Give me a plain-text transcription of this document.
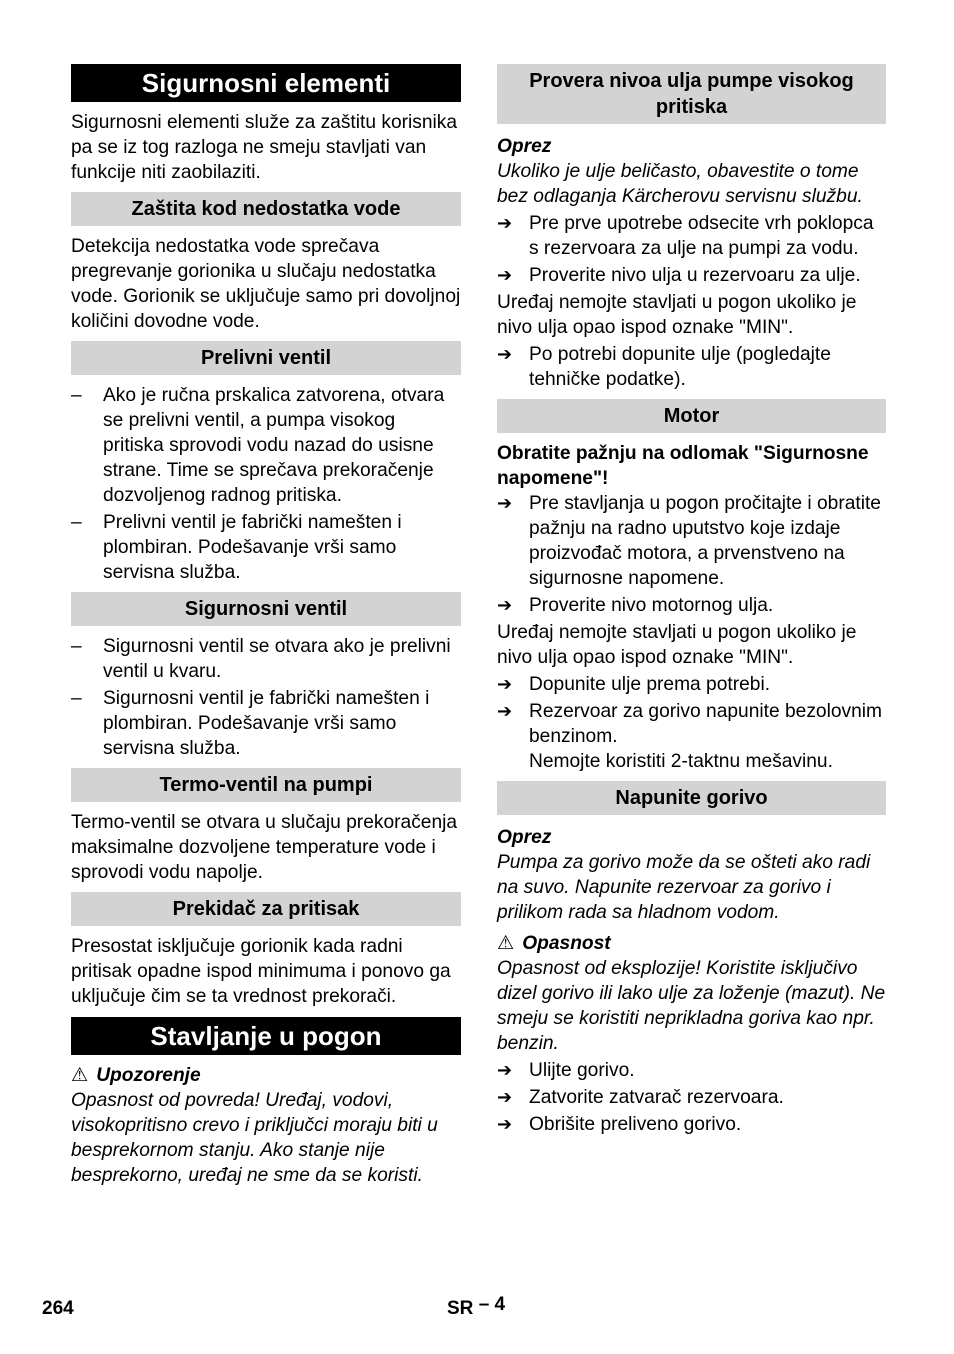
Sigurnosni elementi

Sigurnosni elementi služe za zaštitu korisnika pa se iz tog razloga ne smeju stavljati van funkcije niti zaobilaziti.

Zaštita kod nedostatka vode

Detekcija nedostatka vode sprečava pregrevanje gorionika u slučaju nedostatka vode. Gorionik se uključuje samo pri dovoljnoj količini dovodne vode.

Prelivni ventil
–	Ako je ručna prskalica zatvorena, otvara se prelivni ventil, a pumpa visokog pritiska sprovodi vodu nazad do usisne strane. Time se sprečava prekoračenje dozvoljenog radnog pritiska.
–	Prelivni ventil je fabrički namešten i plombiran. Podešavanje vrši samo servisna služba.
Sigurnosni ventil
–	Sigurnosni ventil se otvara ako je prelivni ventil u kvaru.
–	Sigurnosni ventil je fabrički namešten i plombiran. Podešavanje vrši samo servisna služba.
Termo-ventil na pumpi

Termo-ventil se otvara u slučaju prekoračenja maksimalne dozvoljene temperature vode i sprovodi vodu napolje.

Prekidač za pritisak

Presostat isključuje gorionik kada radni pritisak opadne ispod minimuma i ponovo ga uključuje čim se ta vrednost prekorači.

Stavljanje u pogon

⚠ Upozorenje

Opasnost od povreda! Uređaj, vodovi, visokopritisno crevo i priključci moraju biti u besprekornom stanju. Ako stanje nije besprekorno, uređaj ne sme da se koristi.

Provera nivoa ulja pumpe visokog pritiska

Oprez

Ukoliko je ulje beličasto, obavestite o tome bez odlaganja Kärcherovu servisnu službu.

➔ Pre prve upotrebe odsecite vrh poklopca s rezervoara za ulje na pumpi za vodu.
➔ Proverite nivo ulja u rezervoaru za ulje.

Uređaj nemojte stavljati u pogon ukoliko je nivo ulja opao ispod oznake "MIN".

➔ Po potrebi dopunite ulje (pogledajte tehničke podatke).
Motor

Obratite pažnju na odlomak "Sigurnosne napomene"!

➔ Pre stavljanja u pogon pročitajte i obratite pažnju na radno uputstvo koje izdaje proizvođač motora, a prvenstveno na sigurnosne napomene.
➔ Proverite nivo motornog ulja.

Uređaj nemojte stavljati u pogon ukoliko je nivo ulja opao ispod oznake "MIN".

➔ Dopunite ulje prema potrebi.
➔ Rezervoar za gorivo napunite bezolovnim benzinom.

Nemojte koristiti 2-taktnu mešavinu.

Napunite gorivo

Oprez

Pumpa za gorivo može da se ošteti ako radi na suvo. Napunite rezervoar za gorivo i prilikom rada sa hladnom vodom.

⚠ Opasnost

Opasnost od eksplozije! Koristite isključivo dizel gorivo ili lako ulje za loženje (mazut). Ne smeju se koristiti neprikladna goriva kao npr. benzin.

➔ Ulijte gorivo.
➔ Zatvorite zatvarač rezervoara.
➔ Obrišite preliveno gorivo.
264	SR – 4
